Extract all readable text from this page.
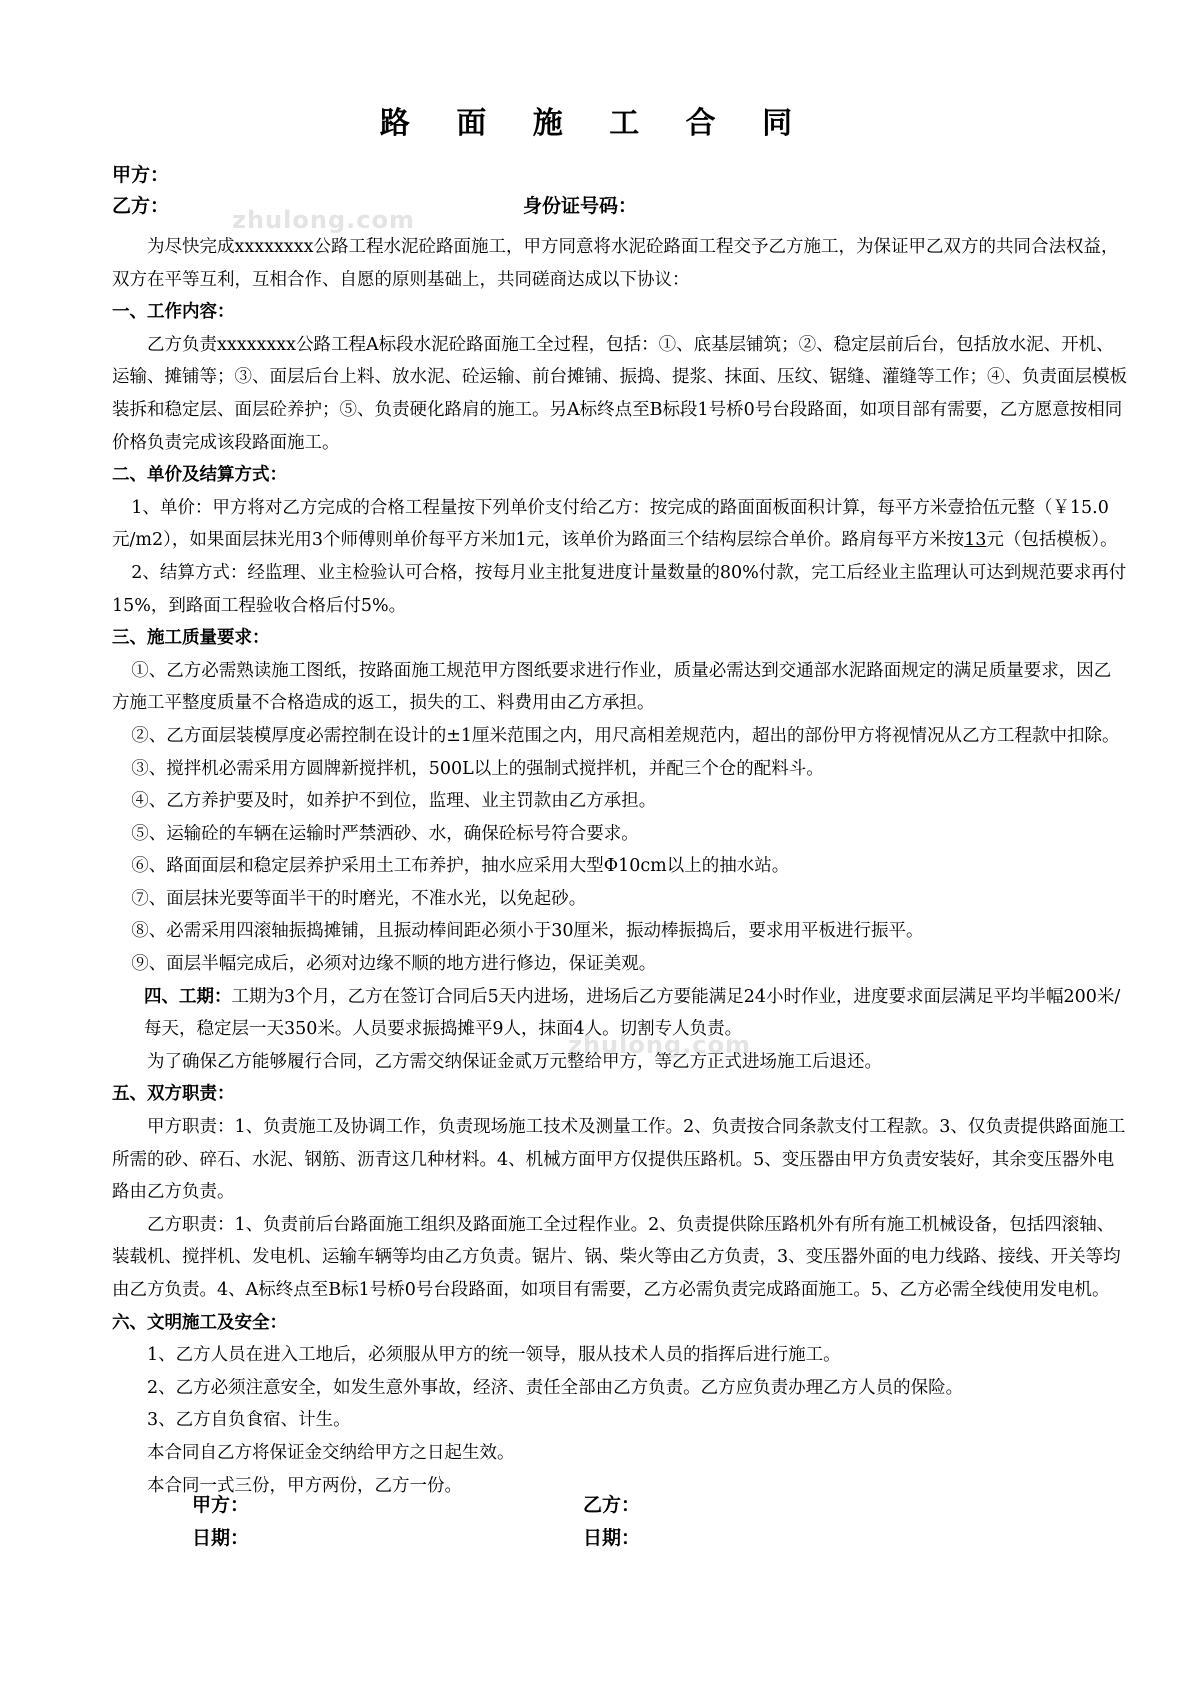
zhulong.com
zhulong.com
路 面 施 工 合 同
甲方：
乙方：	身份证号码：

为尽快完成xxxxxxxx公路工程水泥砼路面施工，甲方同意将水泥砼路面工程交予乙方施工，为保证甲乙双方的共同合法权益，双方在平等互利，互相合作、自愿的原则基础上，共同磋商达成以下协议：

一、工作内容：

乙方负责xxxxxxxx公路工程A标段水泥砼路面施工全过程，包括：①、底基层铺筑；②、稳定层前后台，包括放水泥、开机、运输、摊铺等；③、面层后台上料、放水泥、砼运输、前台摊铺、振捣、提浆、抹面、压纹、锯缝、灌缝等工作；④、负责面层模板装拆和稳定层、面层砼养护；⑤、负责硬化路肩的施工。另A标终点至B标段1号桥0号台段路面，如项目部有需要，乙方愿意按相同价格负责完成该段路面施工。

二、单价及结算方式：

1、单价：甲方将对乙方完成的合格工程量按下列单价支付给乙方：按完成的路面面板面积计算，每平方米壹拾伍元整（￥15.0元/m2），如果面层抹光用3个师傅则单价每平方米加1元，该单价为路面三个结构层综合单价。路肩每平方米按13元（包括模板）。

2、结算方式：经监理、业主检验认可合格，按每月业主批复进度计量数量的80%付款，完工后经业主监理认可达到规范要求再付15%，到路面工程验收合格后付5%。

三、施工质量要求：

①、乙方必需熟读施工图纸，按路面施工规范甲方图纸要求进行作业，质量必需达到交通部水泥路面规定的满足质量要求，因乙方施工平整度质量不合格造成的返工，损失的工、料费用由乙方承担。

②、乙方面层装模厚度必需控制在设计的±1厘米范围之内，用尺高相差规范内，超出的部份甲方将视情况从乙方工程款中扣除。

③、搅拌机必需采用方圆牌新搅拌机，500L以上的强制式搅拌机，并配三个仓的配料斗。

④、乙方养护要及时，如养护不到位，监理、业主罚款由乙方承担。

⑤、运输砼的车辆在运输时严禁洒砂、水，确保砼标号符合要求。

⑥、路面面层和稳定层养护采用土工布养护，抽水应采用大型Φ10cm以上的抽水站。

⑦、面层抹光要等面半干的时磨光，不准水光，以免起砂。

⑧、必需采用四滚轴振捣摊铺，且振动棒间距必须小于30厘米，振动棒振捣后，要求用平板进行振平。

⑨、面层半幅完成后，必须对边缘不顺的地方进行修边，保证美观。

四、工期：工期为3个月，乙方在签订合同后5天内进场，进场后乙方要能满足24小时作业，进度要求面层满足平均半幅200米/每天，稳定层一天350米。人员要求振捣摊平9人，抹面4人。切割专人负责。

为了确保乙方能够履行合同，乙方需交纳保证金贰万元整给甲方，等乙方正式进场施工后退还。

五、双方职责：

甲方职责：1、负责施工及协调工作，负责现场施工技术及测量工作。2、负责按合同条款支付工程款。3、仅负责提供路面施工所需的砂、碎石、水泥、钢筋、沥青这几种材料。4、机械方面甲方仅提供压路机。5、变压器由甲方负责安装好，其余变压器外电路由乙方负责。

乙方职责：1、负责前后台路面施工组织及路面施工全过程作业。2、负责提供除压路机外有所有施工机械设备，包括四滚轴、装载机、搅拌机、发电机、运输车辆等均由乙方负责。锯片、锅、柴火等由乙方负责，3、变压器外面的电力线路、接线、开关等均由乙方负责。4、A标终点至B标1号桥0号台段路面，如项目有需要，乙方必需负责完成路面施工。5、乙方必需全线使用发电机。

六、文明施工及安全：

1、乙方人员在进入工地后，必须服从甲方的统一领导，服从技术人员的指挥后进行施工。

2、乙方必须注意安全，如发生意外事故，经济、责任全部由乙方负责。乙方应负责办理乙方人员的保险。

3、乙方自负食宿、计生。

本合同自乙方将保证金交纳给甲方之日起生效。

本合同一式三份，甲方两份，乙方一份。

甲方：	乙方：
日期：	日期：
